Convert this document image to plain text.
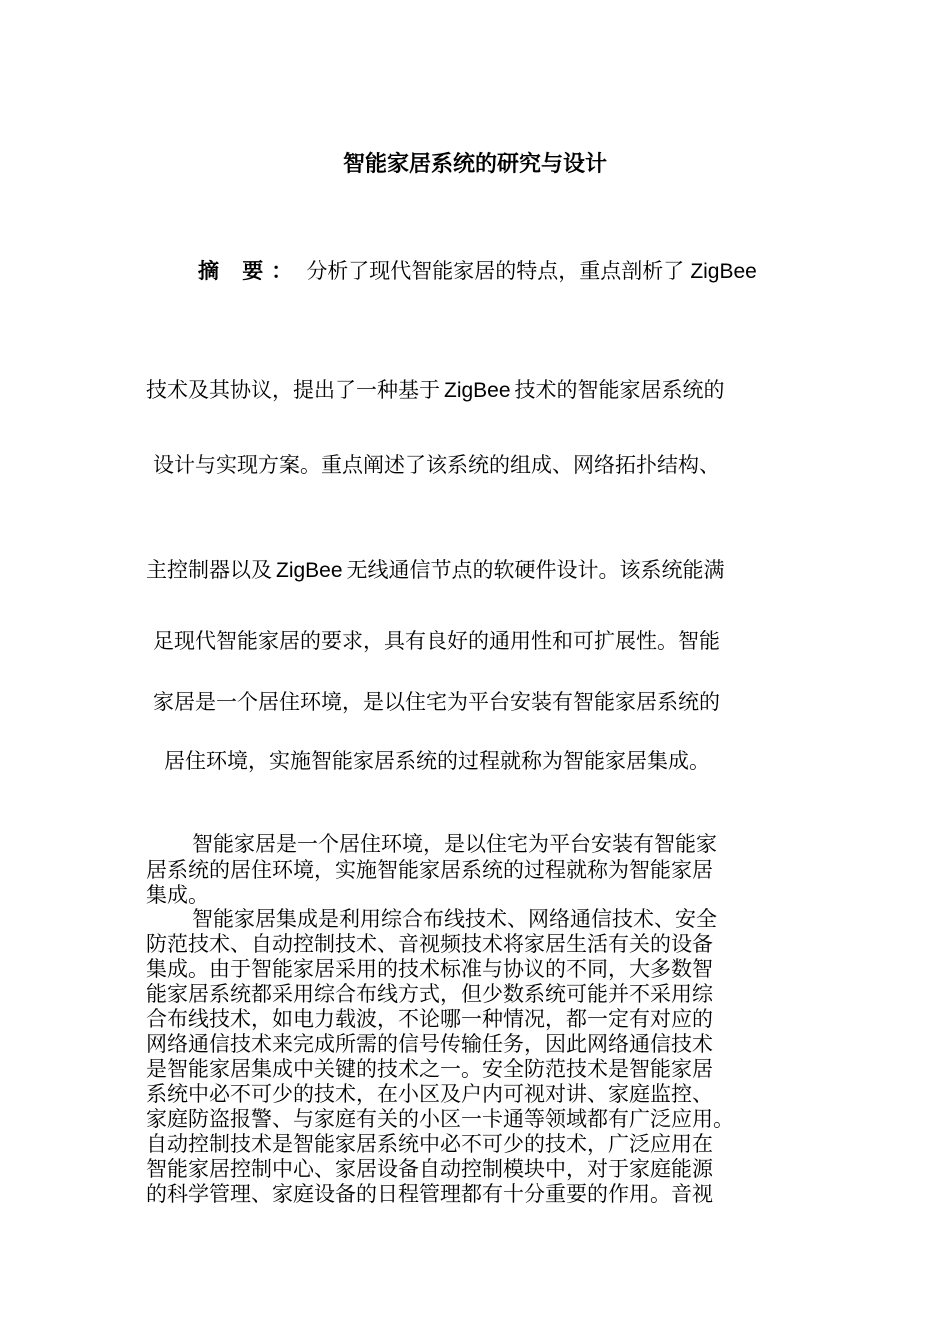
智能家居系统的研究与设计
摘 要： 分析了现代智能家居的特点，重点剖析了 ZigBee
技术及其协议，提出了一种基于 ZigBee 技术的智能家居系统的
设计与实现方案。重点阐述了该系统的组成、网络拓扑结构、
主控制器以及 ZigBee 无线通信节点的软硬件设计。该系统能满
足现代智能家居的要求，具有良好的通用性和可扩展性。智能
家居是一个居住环境，是以住宅为平台安装有智能家居系统的
居住环境，实施智能家居系统的过程就称为智能家居集成。
智能家居是一个居住环境，是以住宅为平台安装有智能家
居系统的居住环境，实施智能家居系统的过程就称为智能家居
集成。
智能家居集成是利用综合布线技术、网络通信技术、安全
防范技术、自动控制技术、音视频技术将家居生活有关的设备
集成。由于智能家居采用的技术标准与协议的不同，大多数智
能家居系统都采用综合布线方式，但少数系统可能并不采用综
合布线技术，如电力载波，不论哪一种情况，都一定有对应的
网络通信技术来完成所需的信号传输任务，因此网络通信技术
是智能家居集成中关键的技术之一。安全防范技术是智能家居
系统中必不可少的技术，在小区及户内可视对讲、家庭监控、
家庭防盗报警、与家庭有关的小区一卡通等领域都有广泛应用。
自动控制技术是智能家居系统中必不可少的技术，广泛应用在
智能家居控制中心、家居设备自动控制模块中，对于家庭能源
的科学管理、家庭设备的日程管理都有十分重要的作用。音视
